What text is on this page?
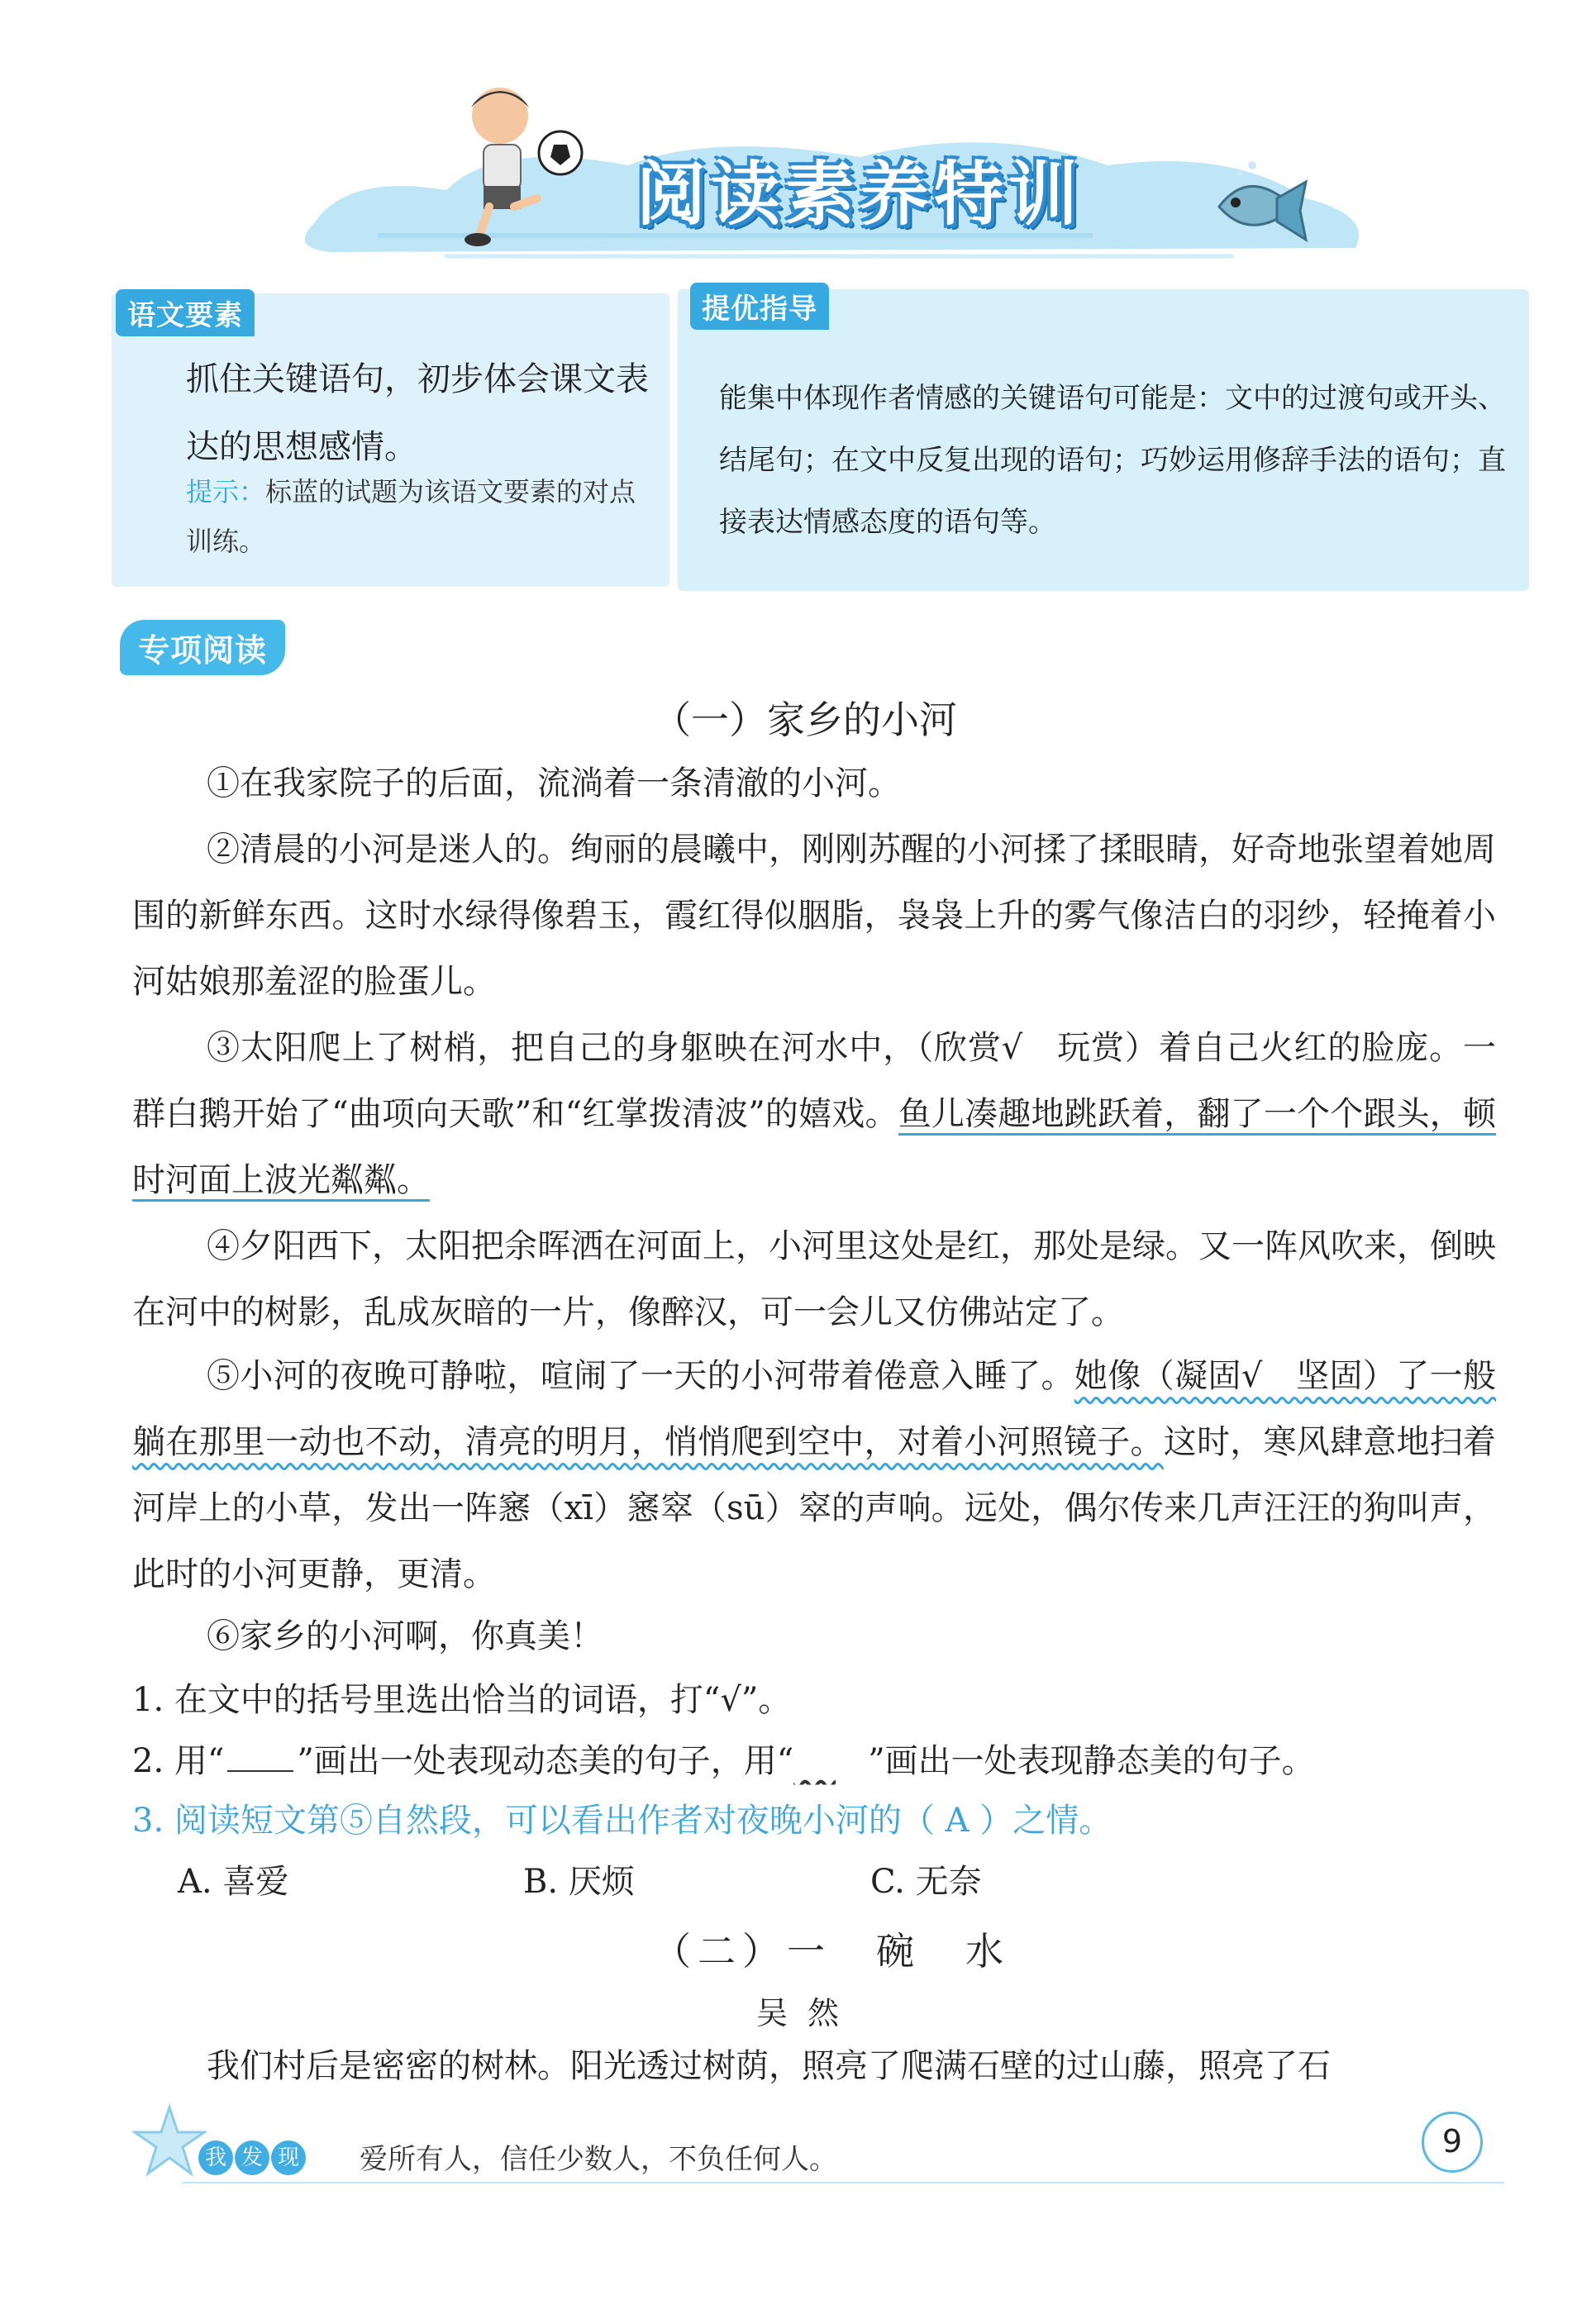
阅读素养特训
语文要素
抓住关键语句，初步体会课文表达的思想感情。
提示：标蓝的试题为该语文要素的对点训练。
提优指导
能集中体现作者情感的关键语句可能是：文中的过渡句或开头、结尾句；在文中反复出现的语句；巧妙运用修辞手法的语句；直接表达情感态度的语句等。
专项阅读
（一）家乡的小河
①在我家院子的后面，流淌着一条清澈的小河。
②清晨的小河是迷人的。绚丽的晨曦中，刚刚苏醒的小河揉了揉眼睛，好奇地张望着她周围的新鲜东西。这时水绿得像碧玉，霞红得似胭脂，袅袅上升的雾气像洁白的羽纱，轻掩着小河姑娘那羞涩的脸蛋儿。
③太阳爬上了树梢，把自己的身躯映在河水中，（欣赏√　玩赏）着自己火红的脸庞。一群白鹅开始了“曲项向天歌”和“红掌拨清波”的嬉戏。鱼儿凑趣地跳跃着，翻了一个个跟头，顿时河面上波光粼粼。
④夕阳西下，太阳把余晖洒在河面上，小河里这处是红，那处是绿。又一阵风吹来，倒映在河中的树影，乱成灰暗的一片，像醉汉，可一会儿又仿佛站定了。
⑤小河的夜晚可静啦，喧闹了一天的小河带着倦意入睡了。她像（凝固√　坚固）了一般躺在那里一动也不动，清亮的明月，悄悄爬到空中，对着小河照镜子。这时，寒风肆意地扫着河岸上的小草，发出一阵窸（xī）窸窣（sū）窣的声响。远处，偶尔传来几声汪汪的狗叫声，此时的小河更静，更清。
⑥家乡的小河啊，你真美！
1. 在文中的括号里选出恰当的词语，打“√”。
2. 用“ ”画出一处表现动态美的句子，用“ ”画出一处表现静态美的句子。
3. 阅读短文第⑤自然段，可以看出作者对夜晚小河的（ A ）之情。
A. 喜爱	B. 厌烦	C. 无奈
（二）一　碗　水
吴然
我们村后是密密的树林。阳光透过树荫，照亮了爬满石壁的过山藤，照亮了石
我 发 现 爱所有人，信任少数人，不负任何人。	9
